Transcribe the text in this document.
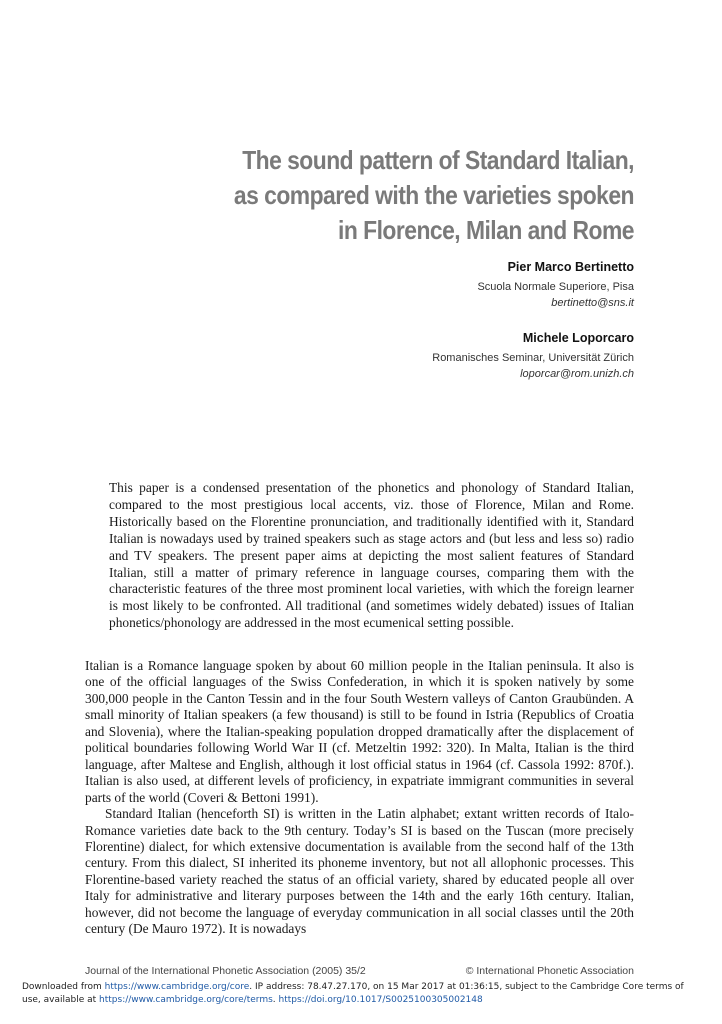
The sound pattern of Standard Italian,
as compared with the varieties spoken
in Florence, Milan and Rome
Pier Marco Bertinetto
Scuola Normale Superiore, Pisa
bertinetto@sns.it
Michele Loporcaro
Romanisches Seminar, Universität Zürich
loporcar@rom.unizh.ch

This paper is a condensed presentation of the phonetics and phonology of Standard Italian, compared to the most prestigious local accents, viz. those of Florence, Milan and Rome. Historically based on the Florentine pronunciation, and traditionally identified with it, Standard Italian is nowadays used by trained speakers such as stage actors and (but less and less so) radio and TV speakers. The present paper aims at depicting the most salient features of Standard Italian, still a matter of primary reference in language courses, comparing them with the characteristic features of the three most prominent local varieties, with which the foreign learner is most likely to be confronted. All traditional (and sometimes widely debated) issues of Italian phonetics/phonology are addressed in the most ecumenical setting possible.

Italian is a Romance language spoken by about 60 million people in the Italian peninsula. It also is one of the official languages of the Swiss Confederation, in which it is spoken natively by some 300,000 people in the Canton Tessin and in the four South Western valleys of Canton Graubünden. A small minority of Italian speakers (a few thousand) is still to be found in Istria (Republics of Croatia and Slovenia), where the Italian-speaking population dropped dramatically after the displacement of political boundaries following World War II (cf. Metzeltin 1992: 320). In Malta, Italian is the third language, after Maltese and English, although it lost official status in 1964 (cf. Cassola 1992: 870f.). Italian is also used, at different levels of proficiency, in expatriate immigrant communities in several parts of the world (Coveri & Bettoni 1991).

Standard Italian (henceforth SI) is written in the Latin alphabet; extant written records of Italo-Romance varieties date back to the 9th century. Today’s SI is based on the Tuscan (more precisely Florentine) dialect, for which extensive documentation is available from the second half of the 13th century. From this dialect, SI inherited its phoneme inventory, but not all allophonic processes. This Florentine-based variety reached the status of an official variety, shared by educated people all over Italy for administrative and literary purposes between the 14th and the early 16th century. Italian, however, did not become the language of everyday communication in all social classes until the 20th century (De Mauro 1972). It is nowadays

Journal of the International Phonetic Association (2005) 35/2	© International Phonetic Association
Downloaded from https://www.cambridge.org/core. IP address: 78.47.27.170, on 15 Mar 2017 at 01:36:15, subject to the Cambridge Core terms of use, available at https://www.cambridge.org/core/terms. https://doi.org/10.1017/S0025100305002148
